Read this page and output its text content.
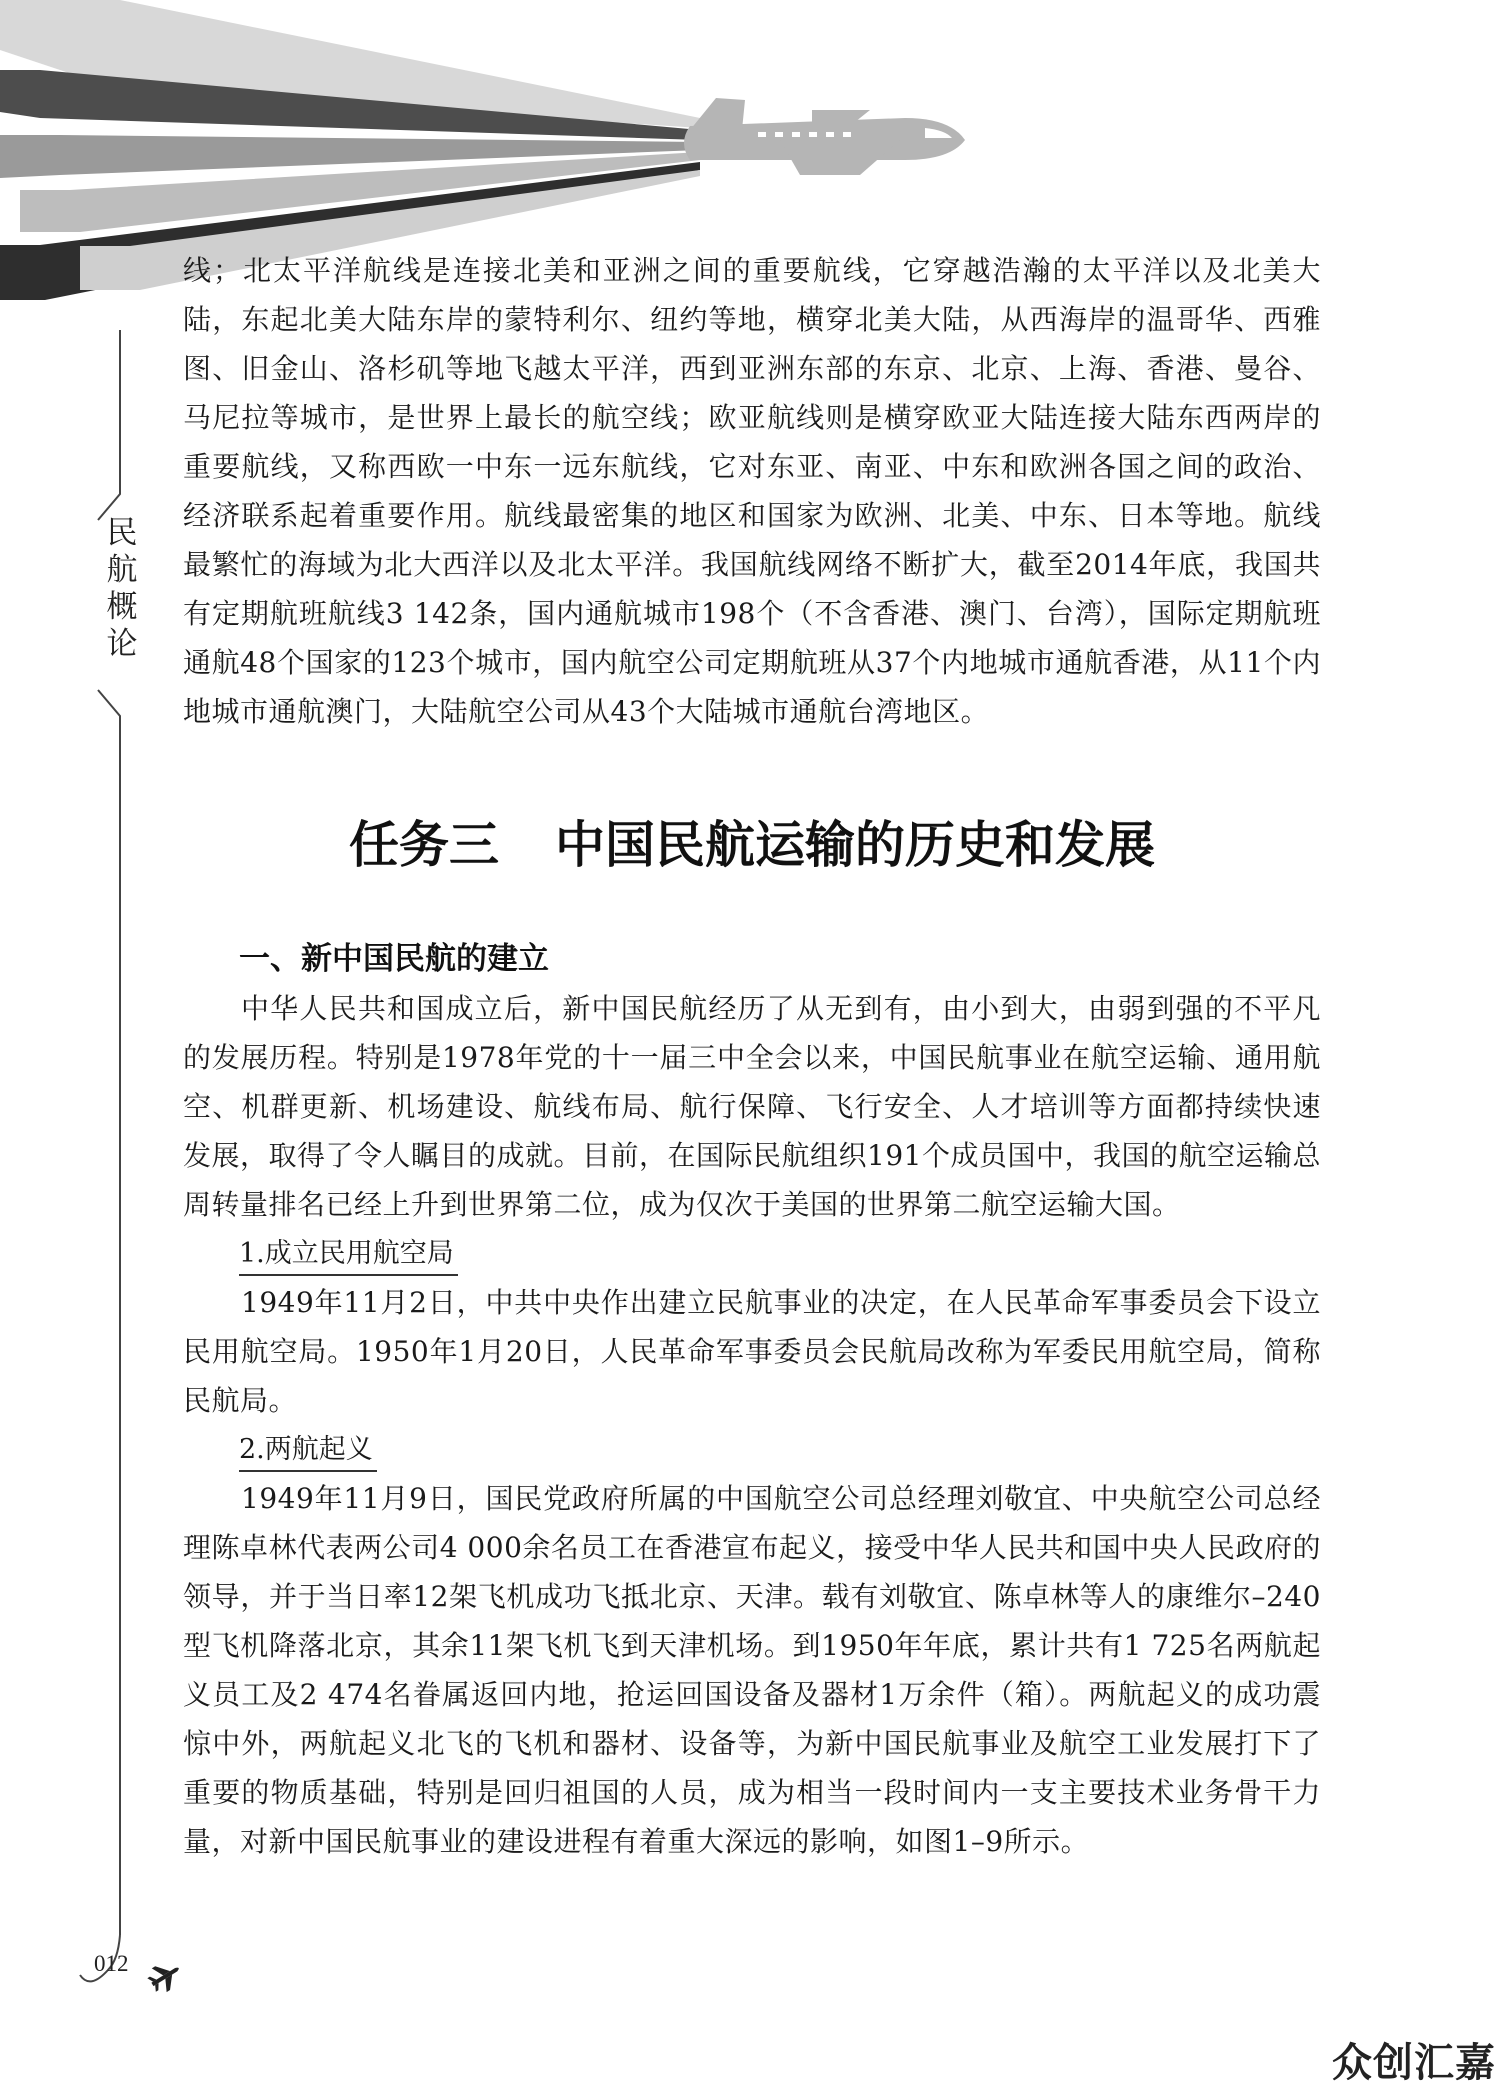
民
航
概
论
012

线；北太平洋航线是连接北美和亚洲之间的重要航线，它穿越浩瀚的太平洋以及北美大陆，东起北美大陆东岸的蒙特利尔、纽约等地，横穿北美大陆，从西海岸的温哥华、西雅图、旧金山、洛杉矶等地飞越太平洋，西到亚洲东部的东京、北京、上海、香港、曼谷、马尼拉等城市，是世界上最长的航空线；欧亚航线则是横穿欧亚大陆连接大陆东西两岸的重要航线，又称西欧一中东一远东航线，它对东亚、南亚、中东和欧洲各国之间的政治、经济联系起着重要作用。航线最密集的地区和国家为欧洲、北美、中东、日本等地。航线最繁忙的海域为北大西洋以及北太平洋。我国航线网络不断扩大，截至2014年底，我国共有定期航班航线3 142条，国内通航城市198个（不含香港、澳门、台湾），国际定期航班通航48个国家的123个城市，国内航空公司定期航班从37个内地城市通航香港，从11个内地城市通航澳门，大陆航空公司从43个大陆城市通航台湾地区。

任务三 中国民航运输的历史和发展
一、新中国民航的建立

中华人民共和国成立后，新中国民航经历了从无到有，由小到大，由弱到强的不平凡的发展历程。特别是1978年党的十一届三中全会以来，中国民航事业在航空运输、通用航空、机群更新、机场建设、航线布局、航行保障、飞行安全、人才培训等方面都持续快速发展，取得了令人瞩目的成就。目前，在国际民航组织191个成员国中，我国的航空运输总周转量排名已经上升到世界第二位，成为仅次于美国的世界第二航空运输大国。

1.成立民用航空局

1949年11月2日，中共中央作出建立民航事业的决定，在人民革命军事委员会下设立民用航空局。1950年1月20日，人民革命军事委员会民航局改称为军委民用航空局，简称民航局。

2.两航起义

1949年11月9日，国民党政府所属的中国航空公司总经理刘敬宜、中央航空公司总经理陈卓林代表两公司4 000余名员工在香港宣布起义，接受中华人民共和国中央人民政府的领导，并于当日率12架飞机成功飞抵北京、天津。载有刘敬宜、陈卓林等人的康维尔–240型飞机降落北京，其余11架飞机飞到天津机场。到1950年年底，累计共有1 725名两航起义员工及2 474名眷属返回内地，抢运回国设备及器材1万余件（箱）。两航起义的成功震惊中外，两航起义北飞的飞机和器材、设备等，为新中国民航事业及航空工业发展打下了重要的物质基础，特别是回归祖国的人员，成为相当一段时间内一支主要技术业务骨干力量，对新中国民航事业的建设进程有着重大深远的影响，如图1–9所示。

众创汇嘉
